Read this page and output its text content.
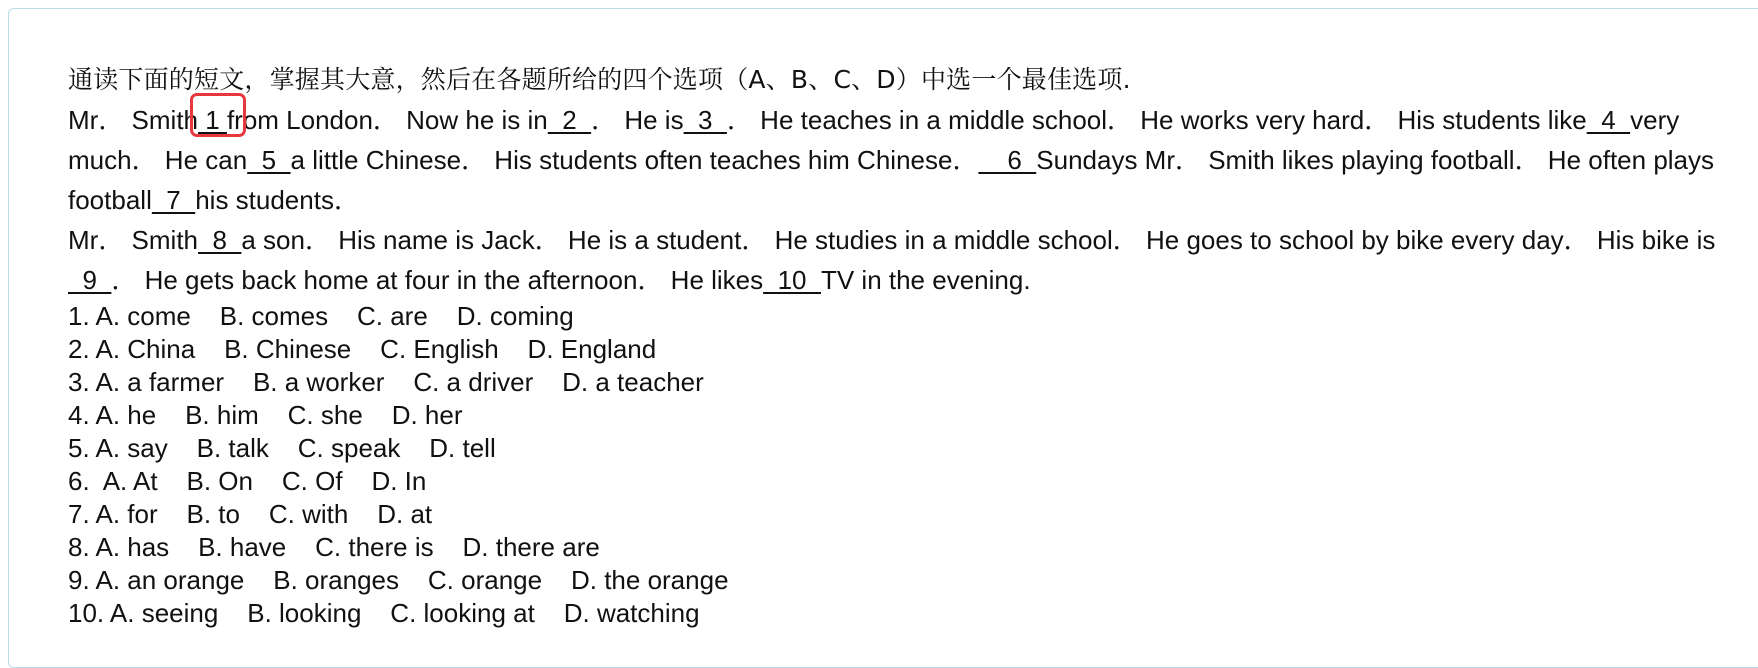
通读下面的短文，掌握其大意，然后在各题所给的四个选项（A、B、C、D）中选一个最佳选项.

Mr． Smith 1 from London． Now he is in  2  ． He is  3  ． He teaches in a middle school． He works very hard． His students like  4  very much． He can  5  a little Chinese． His students often teaches him Chinese．    6  Sundays Mr． Smith likes playing football． He often plays football  7  his students．

Mr． Smith  8  a son． His name is Jack． He is a student． He studies in a middle school． He goes to school by bike every day． His bike is  9  ． He gets back home at four in the afternoon． He likes  10  TV in the evening.

1. A. come    B. comes    C. are    D. coming
2. A. China    B. Chinese    C. English    D. England
3. A. a farmer    B. a worker    C. a driver    D. a teacher
4. A. he    B. him    C. she    D. her
5. A. say    B. talk    C. speak    D. tell
6.  A. At    B. On    C. Of    D. In
7. A. for    B. to    C. with    D. at
8. A. has    B. have    C. there is    D. there are
9. A. an orange    B. oranges    C. orange    D. the orange
10. A. seeing    B. looking    C. looking at    D. watching
